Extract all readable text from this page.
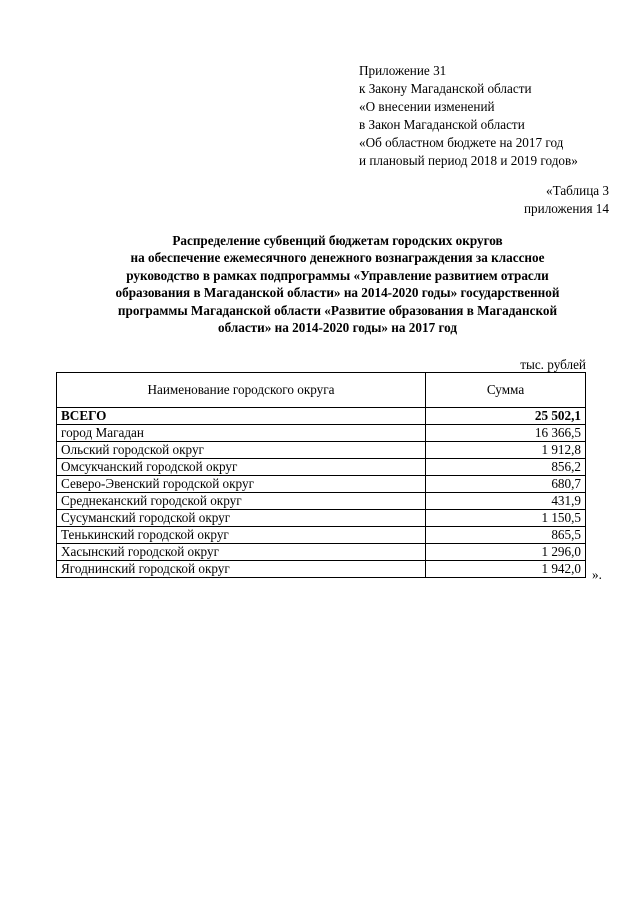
Приложение 31
к Закону Магаданской области
«О внесении изменений
в Закон Магаданской области
«Об областном бюджете на 2017 год
и плановый период 2018 и 2019 годов»
«Таблица 3
приложения 14
Распределение субвенций бюджетам городских округов
на обеспечение ежемесячного денежного вознаграждения за классное
руководство в рамках подпрограммы «Управление развитием отрасли
образования в Магаданской области» на 2014-2020 годы» государственной
программы Магаданской области «Развитие образования в Магаданской
области» на 2014-2020 годы» на 2017 год
тыс. рублей
Наименование городского округа	Сумма
ВСЕГО	25 502,1
город Магадан	16 366,5
Ольский городской округ	1 912,8
Омсукчанский городской округ	856,2
Северо-Эвенский городской округ	680,7
Среднеканский городской округ	431,9
Сусуманский городской округ	1 150,5
Тенькинский городской округ	865,5
Хасынский городской округ	1 296,0
Ягоднинский городской округ	1 942,0 ».
